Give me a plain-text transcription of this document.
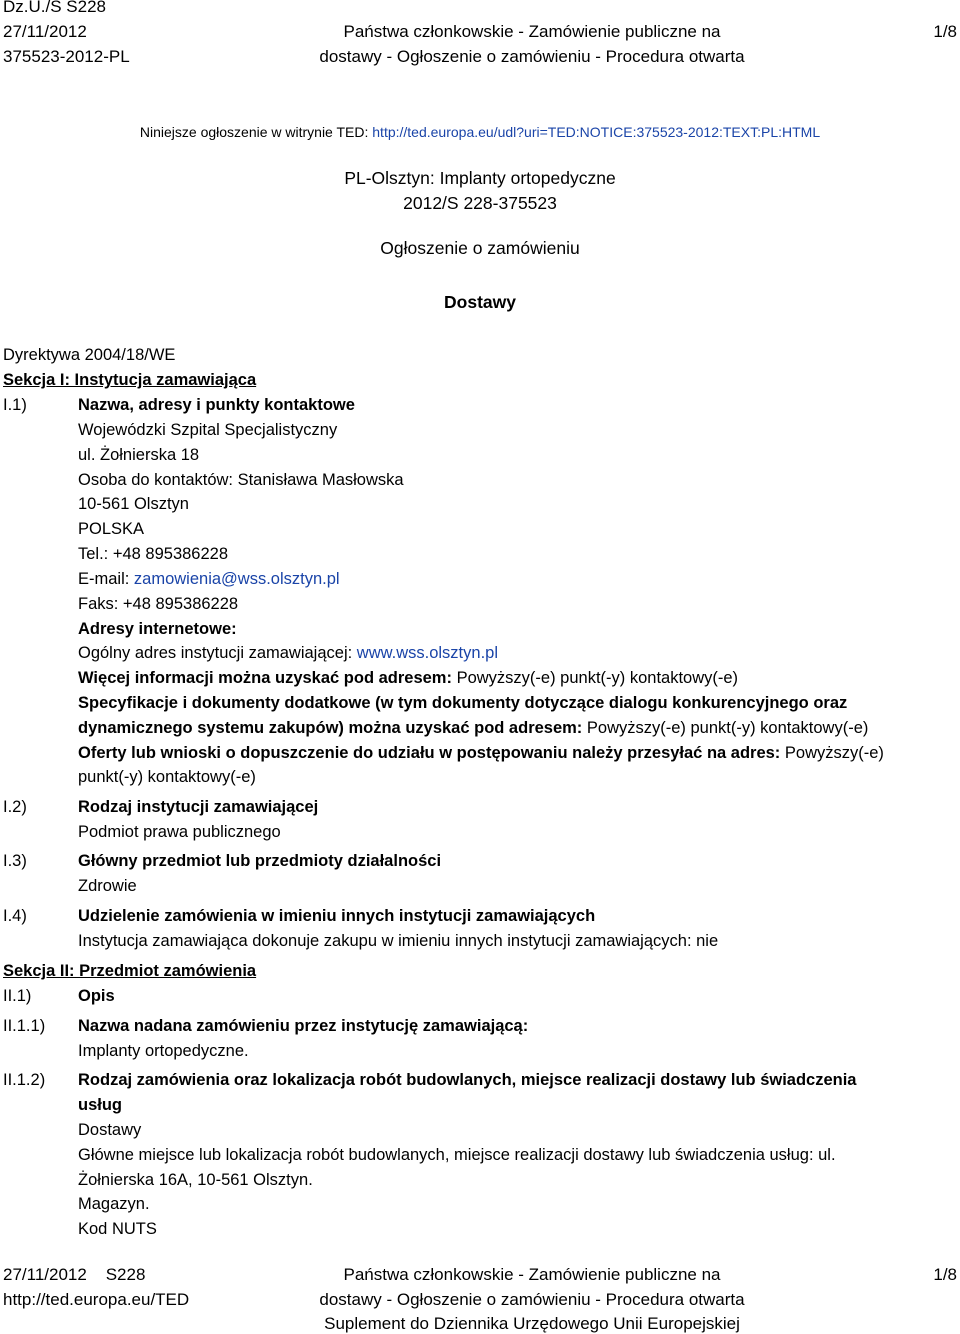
Dz.U./S S228
27/11/2012
375523-2012-PL
Państwa członkowskie - Zamówienie publiczne na
dostawy - Ogłoszenie o zamówieniu - Procedura otwarta
1/8
Niniejsze ogłoszenie w witrynie TED: http://ted.europa.eu/udl?uri=TED:NOTICE:375523-2012:TEXT:PL:HTML
PL-Olsztyn: Implanty ortopedyczne
2012/S 228-375523
Ogłoszenie o zamówieniu
Dostawy
Dyrektywa 2004/18/WE
Sekcja I: Instytucja zamawiająca
I.1)	Nazwa, adresy i punkty kontaktowe
Wojewódzki Szpital Specjalistyczny
ul. Żołnierska 18
Osoba do kontaktów: Stanisława Masłowska
10-561 Olsztyn
POLSKA
Tel.: +48 895386228
E-mail: zamowienia@wss.olsztyn.pl
Faks: +48 895386228
Adresy internetowe:
Ogólny adres instytucji zamawiającej: www.wss.olsztyn.pl
Więcej informacji można uzyskać pod adresem: Powyższy(-e) punkt(-y) kontaktowy(-e)
Specyfikacje i dokumenty dodatkowe (w tym dokumenty dotyczące dialogu konkurencyjnego oraz
dynamicznego systemu zakupów) można uzyskać pod adresem: Powyższy(-e) punkt(-y) kontaktowy(-e)
Oferty lub wnioski o dopuszczenie do udziału w postępowaniu należy przesyłać na adres: Powyższy(-e)
punkt(-y) kontaktowy(-e)
I.2)	Rodzaj instytucji zamawiającej
Podmiot prawa publicznego
I.3)	Główny przedmiot lub przedmioty działalności
Zdrowie
I.4)	Udzielenie zamówienia w imieniu innych instytucji zamawiających
Instytucja zamawiająca dokonuje zakupu w imieniu innych instytucji zamawiających: nie
Sekcja II: Przedmiot zamówienia
II.1)	Opis
II.1.1) Nazwa nadana zamówieniu przez instytucję zamawiającą:
Implanty ortopedyczne.
II.1.2) Rodzaj zamówienia oraz lokalizacja robót budowlanych, miejsce realizacji dostawy lub świadczenia
usług
Dostawy
Główne miejsce lub lokalizacja robót budowlanych, miejsce realizacji dostawy lub świadczenia usług: ul.
Żołnierska 16A, 10-561 Olsztyn.
Magazyn.
Kod NUTS
27/11/2012    S228
http://ted.europa.eu/TED
Państwa członkowskie - Zamówienie publiczne na
dostawy - Ogłoszenie o zamówieniu - Procedura otwarta
Suplement do Dziennika Urzędowego Unii Europejskiej
1/8
